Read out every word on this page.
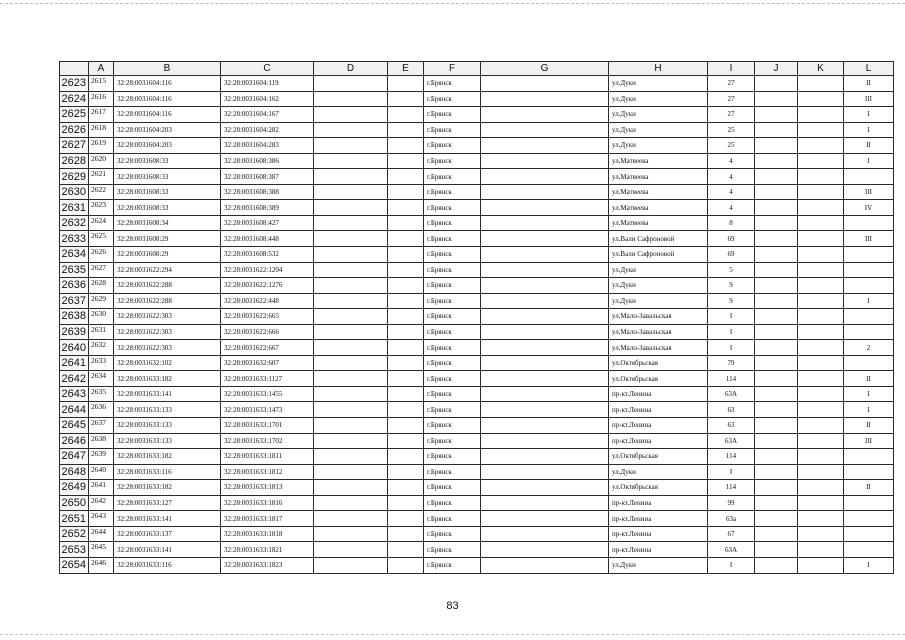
	A	B	C	D	E	F	G	H	I	J	K	L
2623	2615	32:28:0031604:116	32:28:0031604:119			г.Брянск		ул.Дуки	27			II
2624	2616	32:28:0031604:116	32:28:0031604:162			г.Брянск		ул.Дуки	27			III
2625	2617	32:28:0031604:116	32:28:0031604:167			г.Брянск		ул.Дуки	27			I
2626	2618	32:28:0031604:203	32:28:0031604:282			г.Брянск		ул.Дуки	25			I
2627	2619	32:28:0031604:203	32:28:0031604:283			г.Брянск		ул.Дуки	25			II
2628	2620	32:28:0031608:33	32:28:0031608:386			г.Брянск		ул.Матвеева	4			I
2629	2621	32:28:0031608:33	32:28:0031608:387			г.Брянск		ул.Матвеева	4			
2630	2622	32:28:0031608:33	32:28:0031608:388			г.Брянск		ул.Матвеева	4			III
2631	2623	32:28:0031608:33	32:28:0031608:389			г.Брянск		ул.Матвеева	4			IV
2632	2624	32:28:0031608:34	32:28:0031608:427			г.Брянск		ул.Матвеева	8			
2633	2625	32:28:0031608:29	32:28:0031608:448			г.Брянск		ул.Вали Сафроновой	69			III
2634	2626	32:28:0031608:29	32:28:0031608:532			г.Брянск		ул.Вали Сафроновой	69			
2635	2627	32:28:0031622:294	32:28:0031622:1204			г.Брянск		ул.Дуки	5			
2636	2628	32:28:0031622:288	32:28:0031622:1276			г.Брянск		ул.Дуки	9			
2637	2629	32:28:0031622:288	32:28:0031622:448			г.Брянск		ул.Дуки	9			I
2638	2630	32:28:0031622:303	32:28:0031622:665			г.Брянск		ул.Мало-Завальская	I			
2639	2631	32:28:0031622:303	32:28:0031622:666			г.Брянск		ул.Мало-Завальская	I			
2640	2632	32:28:0031622:303	32:28:0031622:667			г.Брянск		ул.Мало-Завальская	I			2
2641	2633	32:28:0031632:102	32:28:0031632:607			г.Брянск		ул.Октябрьская	79			
2642	2634	32:28:0031633:182	32:28:0031633:1127			г.Брянск		ул.Октябрьская	114			II
2643	2635	32:28:0031633:141	32:28:0031633:1455			г.Брянск		пр-кт.Ленина	63A			I
2644	2636	32:28:0031633:133	32:28:0031633:1473			г.Брянск		пр-кт.Ленина	63			I
2645	2637	32:28:0031633:133	32:28:0031633:1701			г.Брянск		пр-кт.Ленина	63			II
2646	2638	32:28:0031633:133	32:28:0031633:1702			г.Брянск		пр-кт.Ленина	63A			III
2647	2639	32:28:0031633:182	32:28:0031633:1811			г.Брянск		ул.Октябрьская	114			
2648	2640	32:28:0031633:116	32:28:0031633:1812			г.Брянск		ул.Дуки	I			
2649	2641	32:28:0031633:182	32:28:0031633:1813			г.Брянск		ул.Октябрьская	114			II
2650	2642	32:28:0031633:127	32:28:0031633:1816			г.Брянск		пр-кт.Ленина	99			
2651	2643	32:28:0031633:141	32:28:0031633:1817			г.Брянск		пр-кт.Ленина	63a			
2652	2644	32:28:0031633:137	32:28:0031633:1818			г.Брянск		пр-кт.Ленина	67			
2653	2645	32:28:0031633:141	32:28:0031633:1821			г.Брянск		пр-кт.Ленина	63A			
2654	2646	32:28:0031633:116	32:28:0031633:1823			г.Брянск		ул.Дуки	I			I
83
